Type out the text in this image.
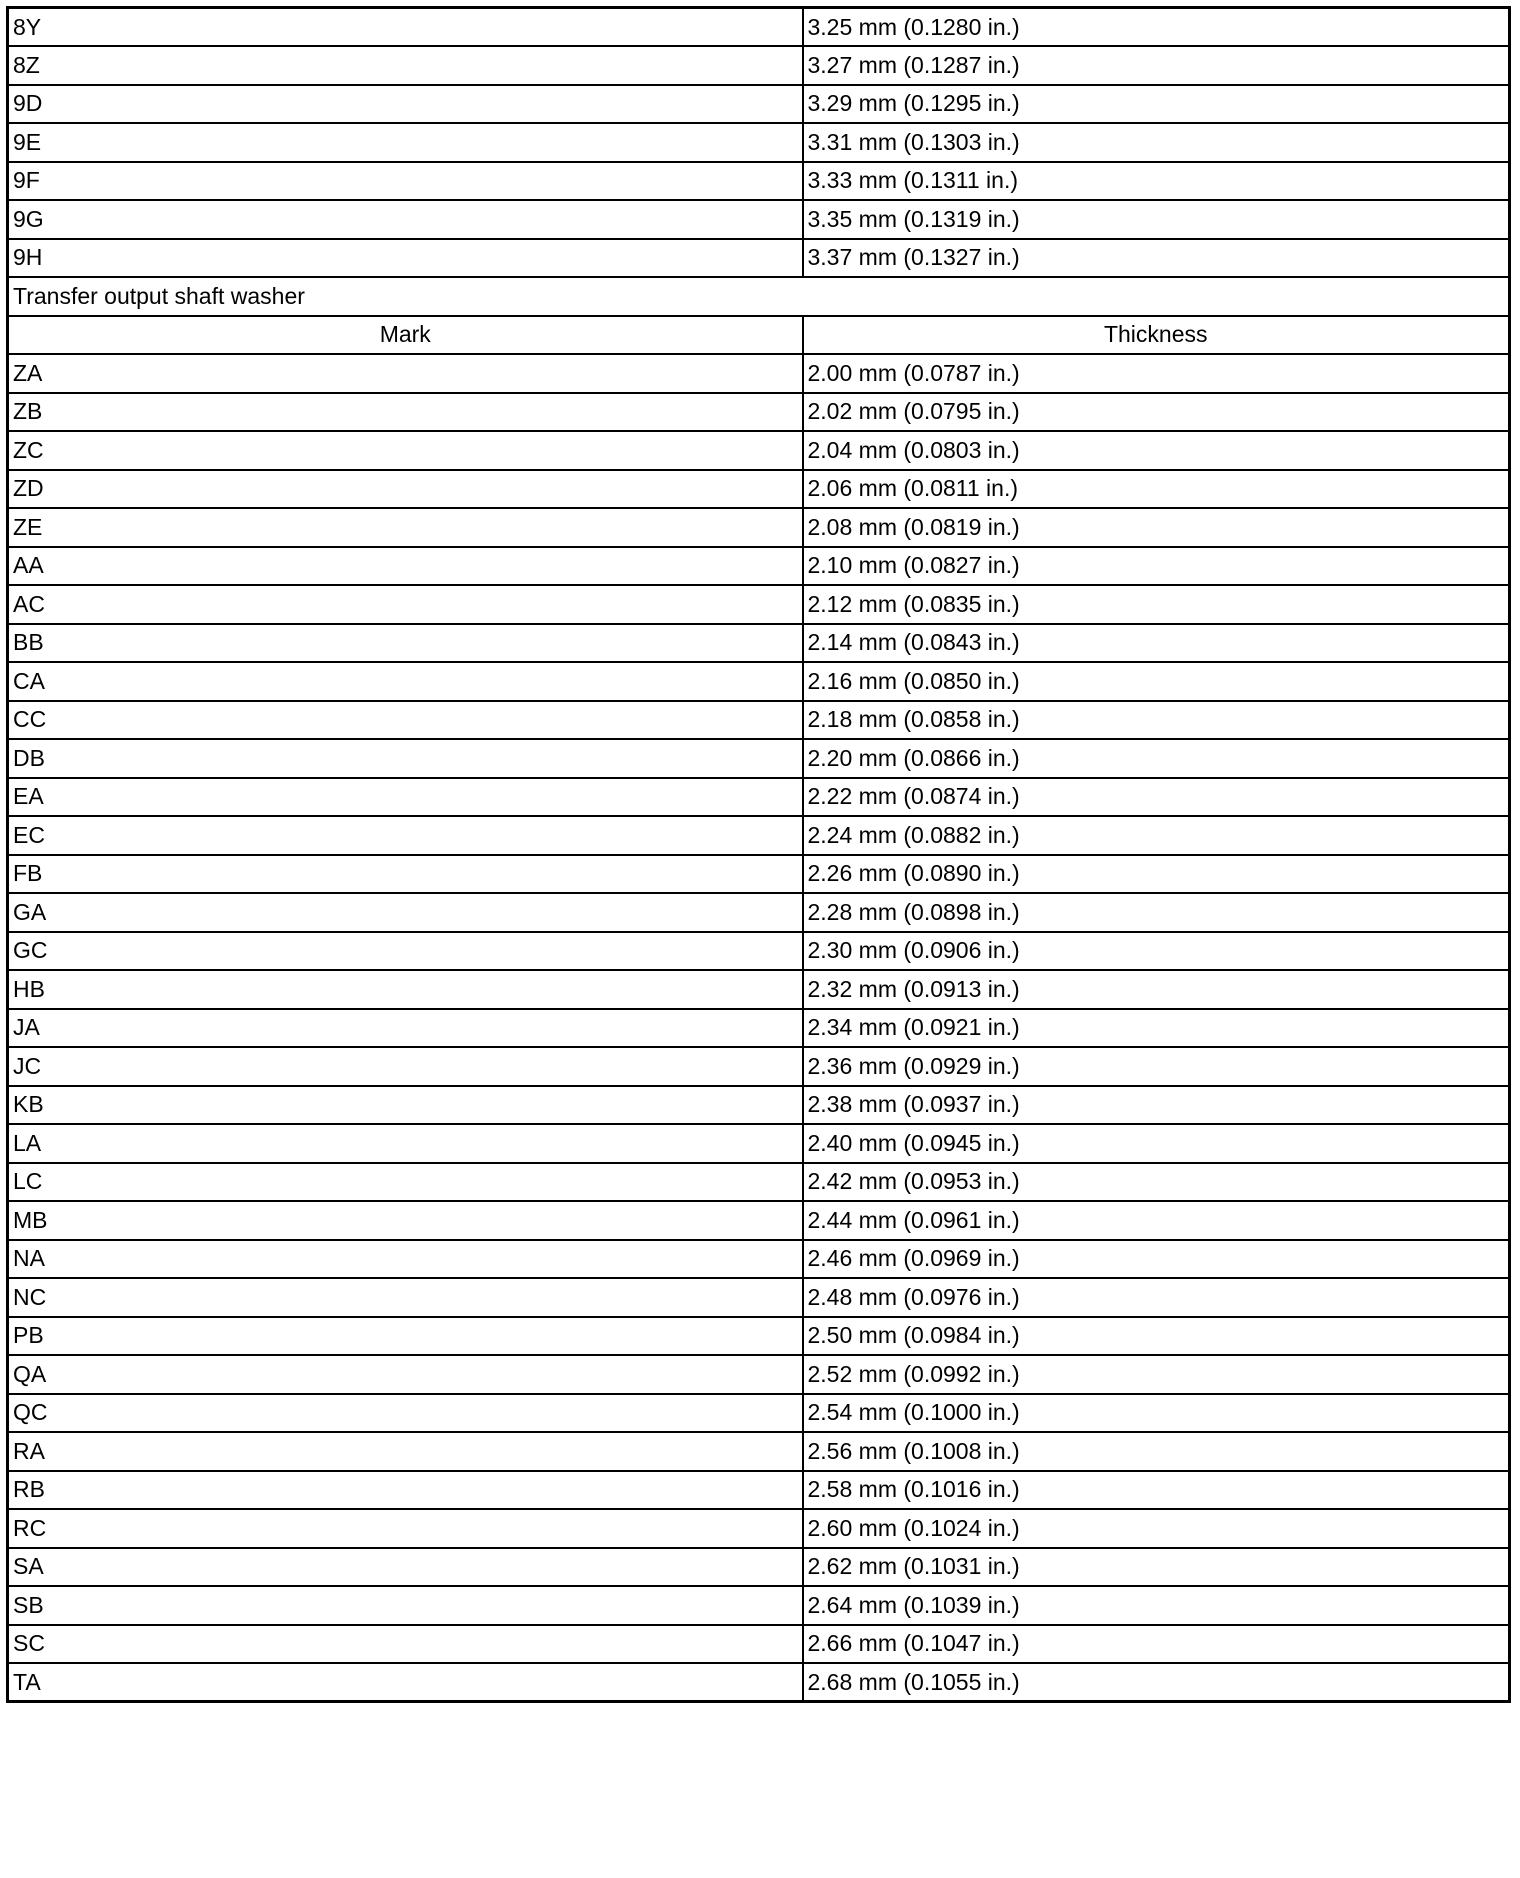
8Y	3.25 mm (0.1280 in.)
8Z	3.27 mm (0.1287 in.)
9D	3.29 mm (0.1295 in.)
9E	3.31 mm (0.1303 in.)
9F	3.33 mm (0.1311 in.)
9G	3.35 mm (0.1319 in.)
9H	3.37 mm (0.1327 in.)
Transfer output shaft washer	
Mark	Thickness
ZA	2.00 mm (0.0787 in.)
ZB	2.02 mm (0.0795 in.)
ZC	2.04 mm (0.0803 in.)
ZD	2.06 mm (0.0811 in.)
ZE	2.08 mm (0.0819 in.)
AA	2.10 mm (0.0827 in.)
AC	2.12 mm (0.0835 in.)
BB	2.14 mm (0.0843 in.)
CA	2.16 mm (0.0850 in.)
CC	2.18 mm (0.0858 in.)
DB	2.20 mm (0.0866 in.)
EA	2.22 mm (0.0874 in.)
EC	2.24 mm (0.0882 in.)
FB	2.26 mm (0.0890 in.)
GA	2.28 mm (0.0898 in.)
GC	2.30 mm (0.0906 in.)
HB	2.32 mm (0.0913 in.)
JA	2.34 mm (0.0921 in.)
JC	2.36 mm (0.0929 in.)
KB	2.38 mm (0.0937 in.)
LA	2.40 mm (0.0945 in.)
LC	2.42 mm (0.0953 in.)
MB	2.44 mm (0.0961 in.)
NA	2.46 mm (0.0969 in.)
NC	2.48 mm (0.0976 in.)
PB	2.50 mm (0.0984 in.)
QA	2.52 mm (0.0992 in.)
QC	2.54 mm (0.1000 in.)
RA	2.56 mm (0.1008 in.)
RB	2.58 mm (0.1016 in.)
RC	2.60 mm (0.1024 in.)
SA	2.62 mm (0.1031 in.)
SB	2.64 mm (0.1039 in.)
SC	2.66 mm (0.1047 in.)
TA	2.68 mm (0.1055 in.)
